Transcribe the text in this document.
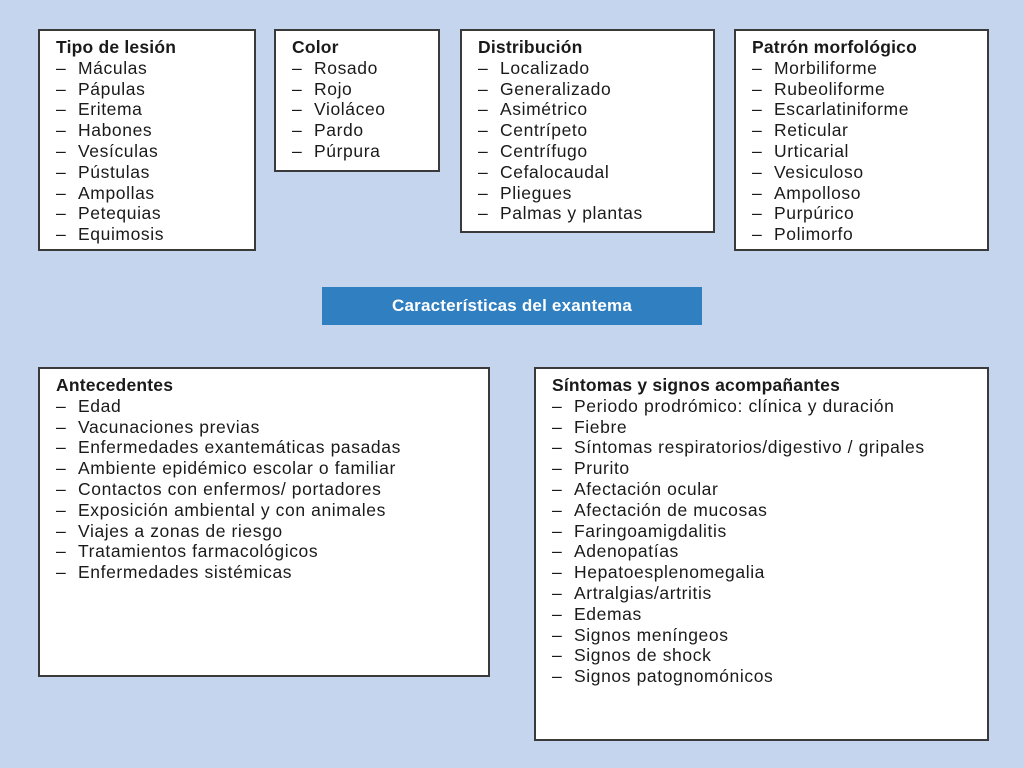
Tipo de lesión
– Máculas
– Pápulas
– Eritema
– Habones
– Vesículas
– Pústulas
– Ampollas
– Petequias
– Equimosis
Color
– Rosado
– Rojo
– Violáceo
– Pardo
– Púrpura
Distribución
– Localizado
– Generalizado
– Asimétrico
– Centrípeto
– Centrífugo
– Cefalocaudal
– Pliegues
– Palmas y plantas
Patrón morfológico
– Morbiliforme
– Rubeoliforme
– Escarlatiniforme
– Reticular
– Urticarial
– Vesiculoso
– Ampolloso
– Purpúrico
– Polimorfo
Características del exantema
Antecedentes
– Edad
– Vacunaciones previas
– Enfermedades exantemáticas pasadas
– Ambiente epidémico escolar o familiar
– Contactos con enfermos/ portadores
– Exposición ambiental y con animales
– Viajes a zonas de riesgo
– Tratamientos farmacológicos
– Enfermedades sistémicas
Síntomas y signos acompañantes
– Periodo prodrómico: clínica y duración
– Fiebre
– Síntomas respiratorios/digestivo / gripales
– Prurito
– Afectación ocular
– Afectación de mucosas
– Faringoamigdalitis
– Adenopatías
– Hepatoesplenomegalia
– Artralgias/artritis
– Edemas
– Signos meníngeos
– Signos de shock
– Signos patognomónicos
